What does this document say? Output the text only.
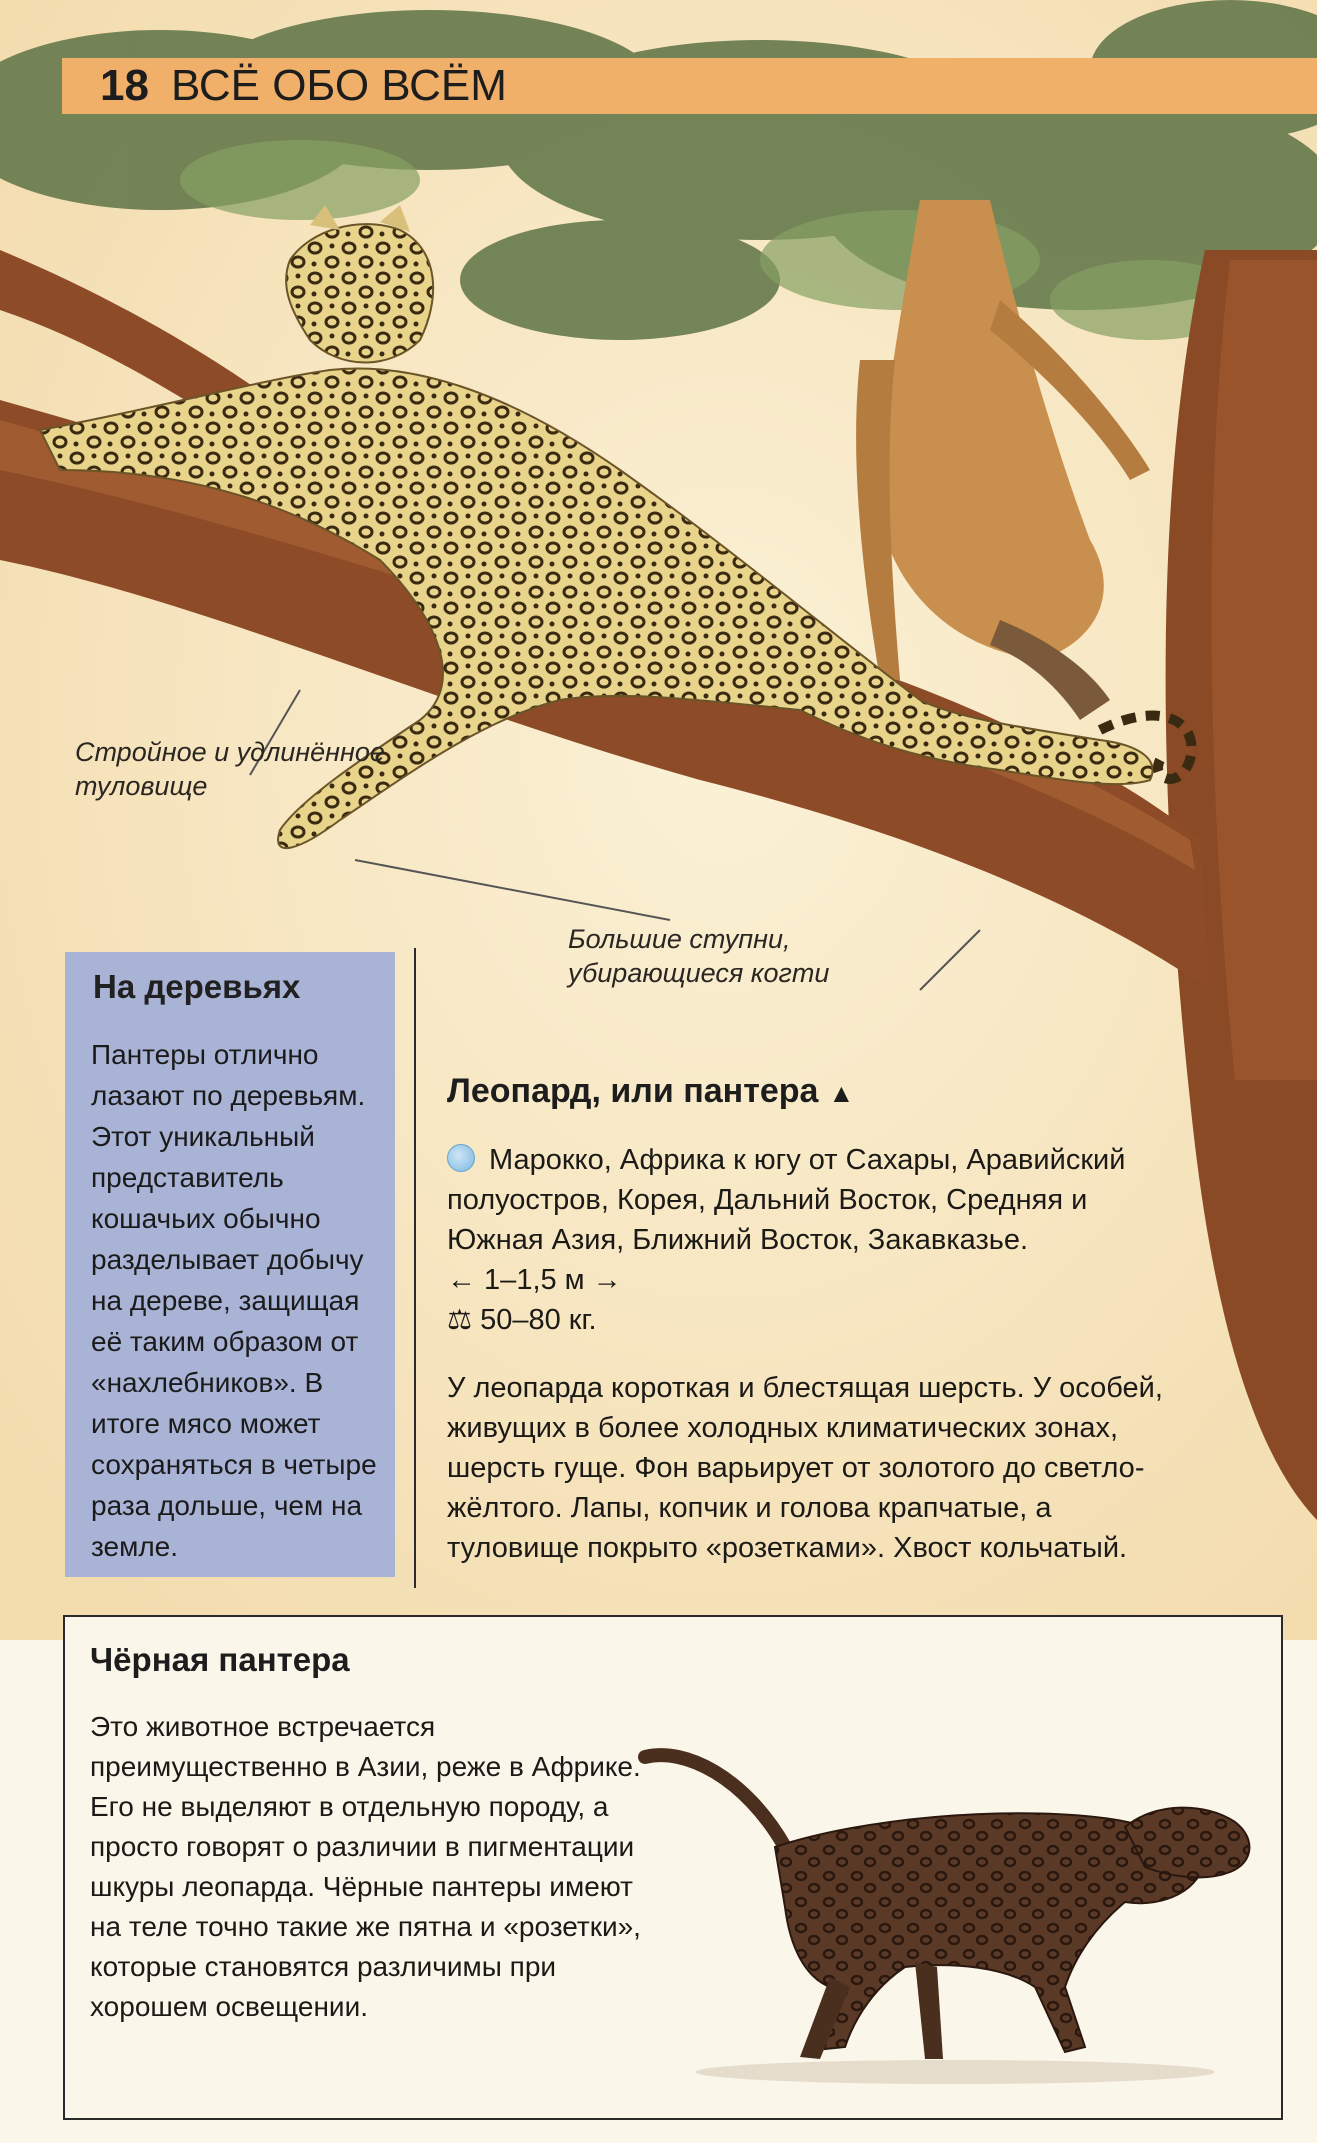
18 ВСЁ ОБО ВСЁМ
Стройное и удлинённое туловище
Большие ступни, убирающиеся когти
На деревьях

Пантеры отлично лазают по деревьям. Этот уникальный представитель кошачьих обычно разделывает добычу на дереве, защищая её таким образом от «нахлебников». В итоге мясо может сохраняться в четыре раза дольше, чем на земле.

Леопард, или пантера ▲
Марокко, Африка к югу от Сахары, Аравийский полуостров, Корея, Дальний Восток, Средняя и Южная Азия, Ближний Восток, Закавказье.
← 1–1,5 м →
⚖ 50–80 кг.
У леопарда короткая и блестящая шерсть. У особей, живущих в более холодных климатических зонах, шерсть гуще. Фон варьирует от золотого до светло-жёлтого. Лапы, копчик и голова крапчатые, а туловище покрыто «розетками». Хвост кольчатый.
Чёрная пантера

Это животное встречается преимущественно в Азии, реже в Африке. Его не выделяют в отдельную породу, а просто говорят о различии в пигментации шкуры леопарда. Чёрные пантеры имеют на теле точно такие же пятна и «розетки», которые становятся различимы при хорошем освещении.
